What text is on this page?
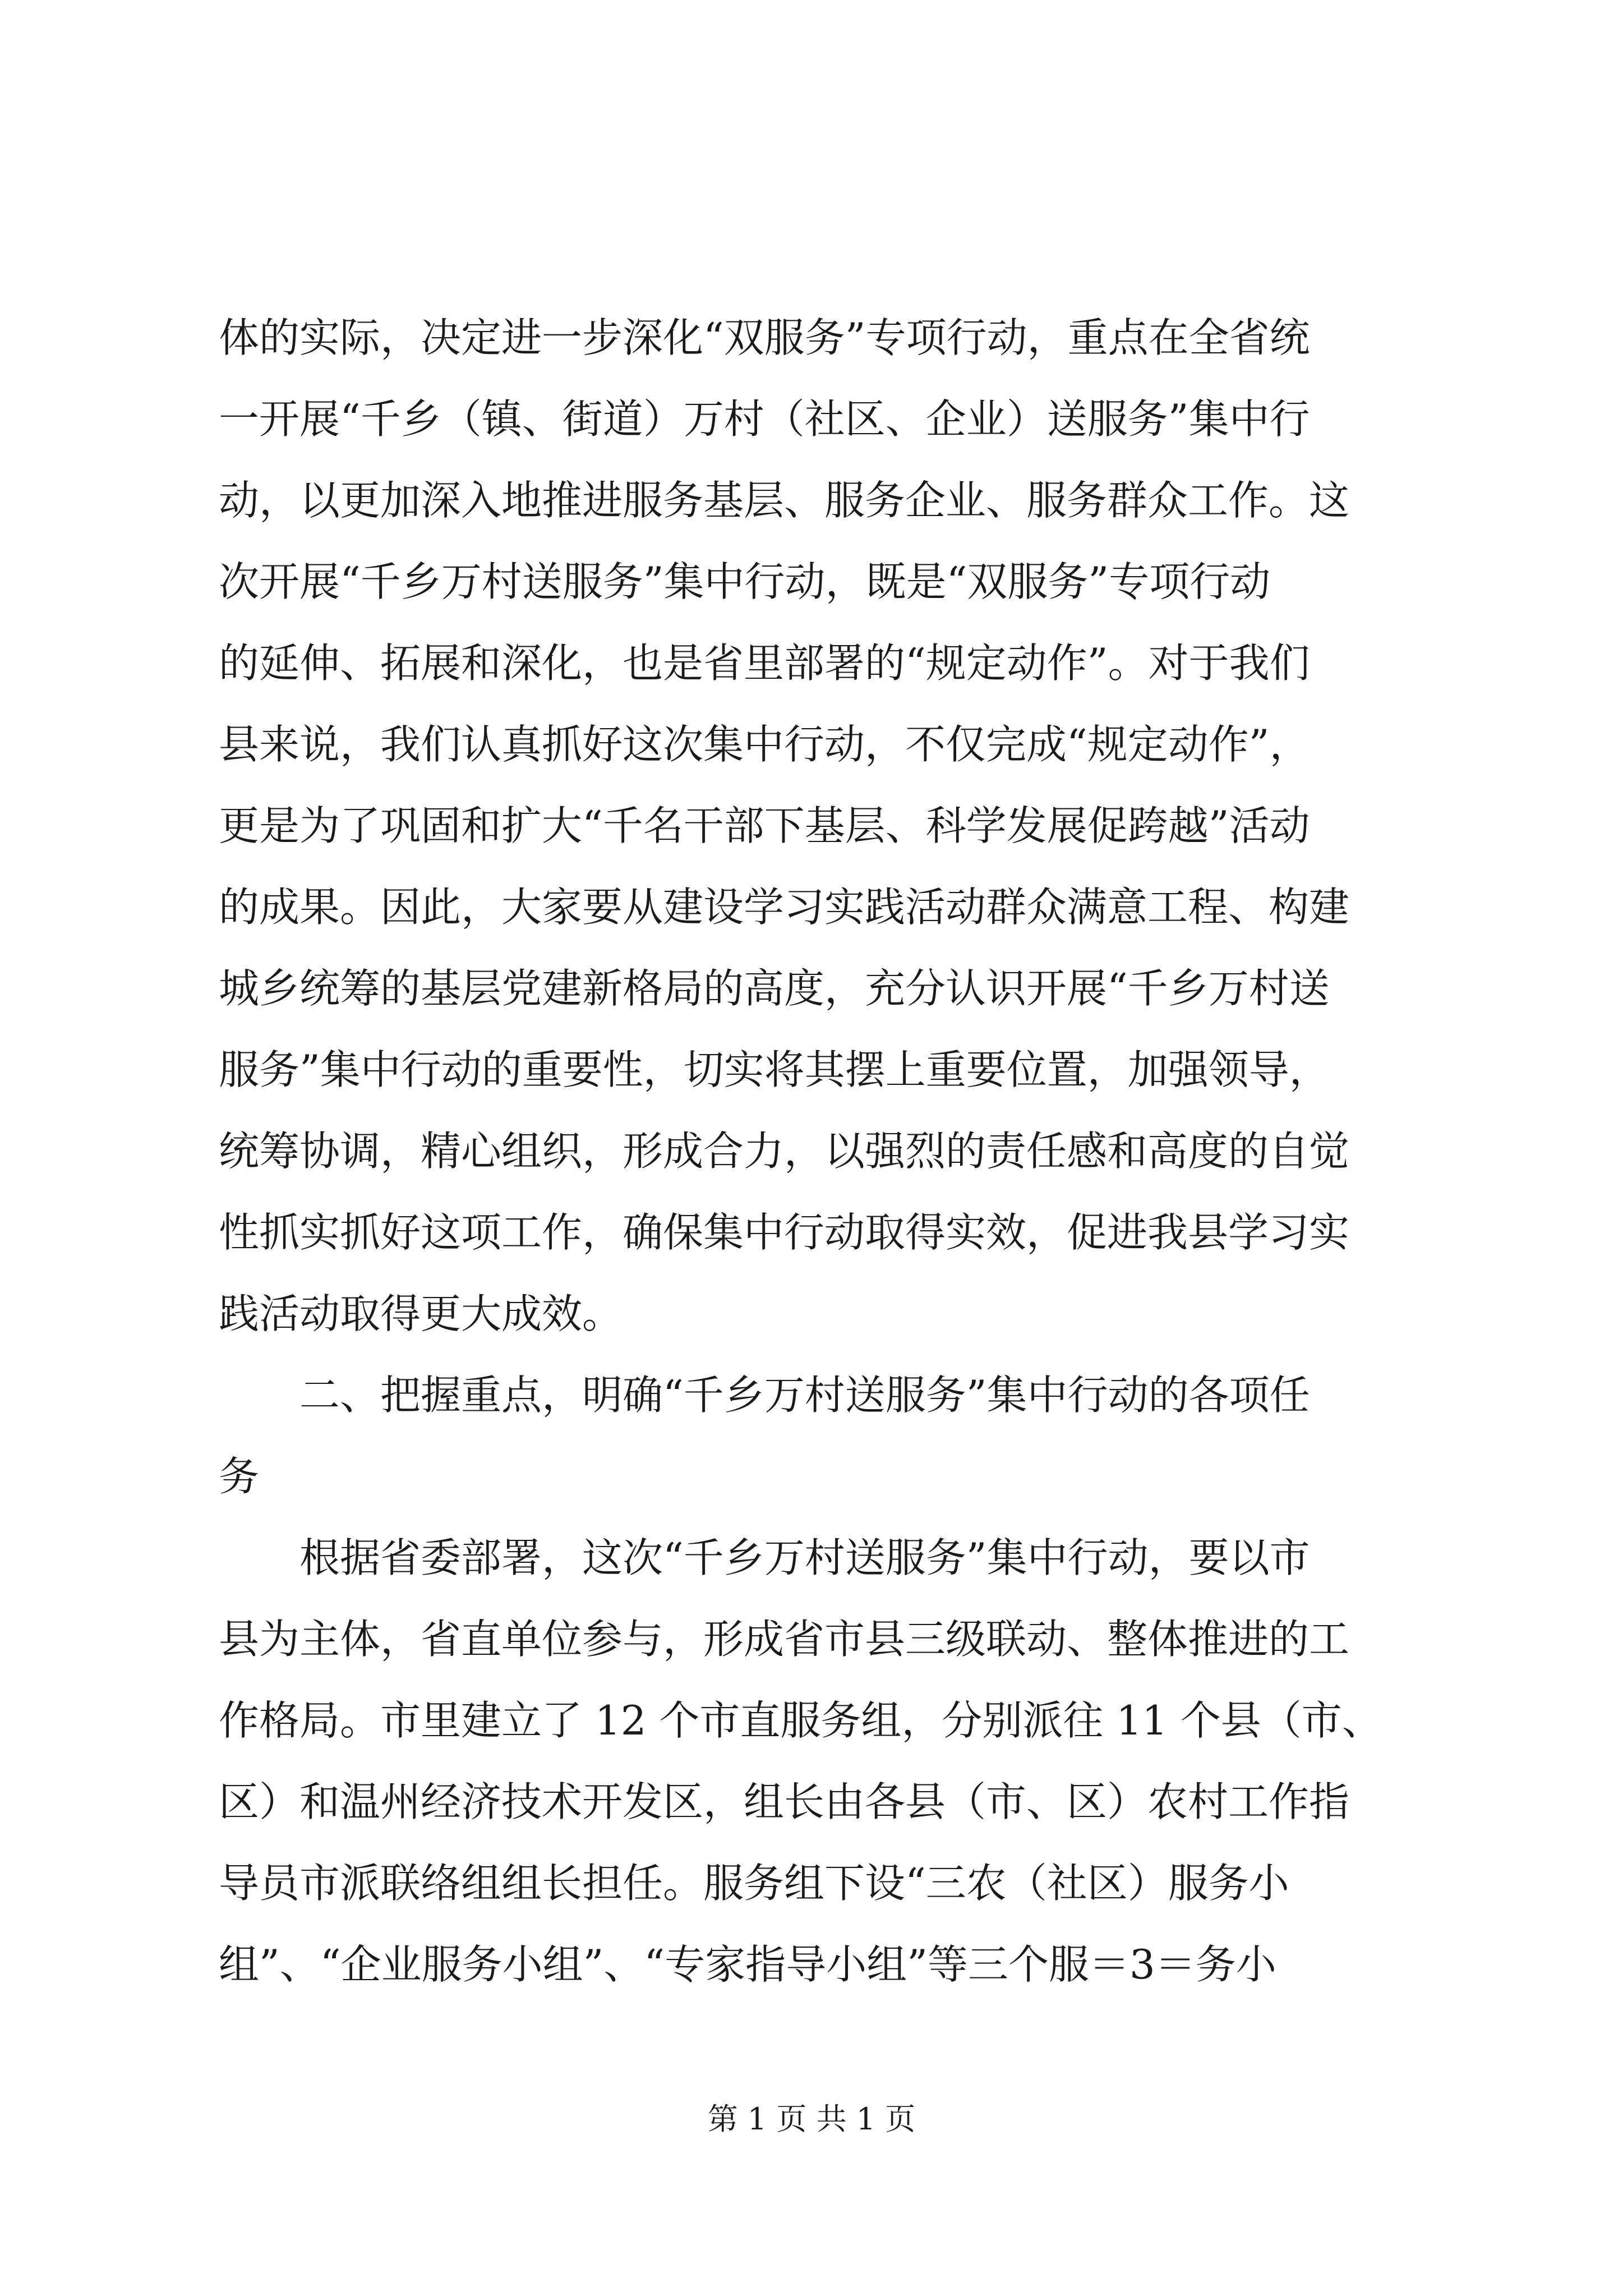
体的实际，决定进一步深化“双服务”专项行动，重点在全省统
一开展“千乡（镇、街道）万村（社区、企业）送服务”集中行
动，以更加深入地推进服务基层、服务企业、服务群众工作。这
次开展“千乡万村送服务”集中行动，既是“双服务”专项行动
的延伸、拓展和深化，也是省里部署的“规定动作”。对于我们
县来说，我们认真抓好这次集中行动，不仅完成“规定动作”，
更是为了巩固和扩大“千名干部下基层、科学发展促跨越”活动
的成果。因此，大家要从建设学习实践活动群众满意工程、构建
城乡统筹的基层党建新格局的高度，充分认识开展“千乡万村送
服务”集中行动的重要性，切实将其摆上重要位置，加强领导，
统筹协调，精心组织，形成合力，以强烈的责任感和高度的自觉
性抓实抓好这项工作，确保集中行动取得实效，促进我县学习实
践活动取得更大成效。
　　二、把握重点，明确“千乡万村送服务”集中行动的各项任
务
　　根据省委部署，这次“千乡万村送服务”集中行动，要以市
县为主体，省直单位参与，形成省市县三级联动、整体推进的工
作格局。市里建立了 12 个市直服务组，分别派往 11 个县（市、
区）和温州经济技术开发区，组长由各县（市、区）农村工作指
导员市派联络组组长担任。服务组下设“三农（社区）服务小
组”、“企业服务小组”、“专家指导小组”等三个服＝3＝务小
第 1 页 共 1 页
